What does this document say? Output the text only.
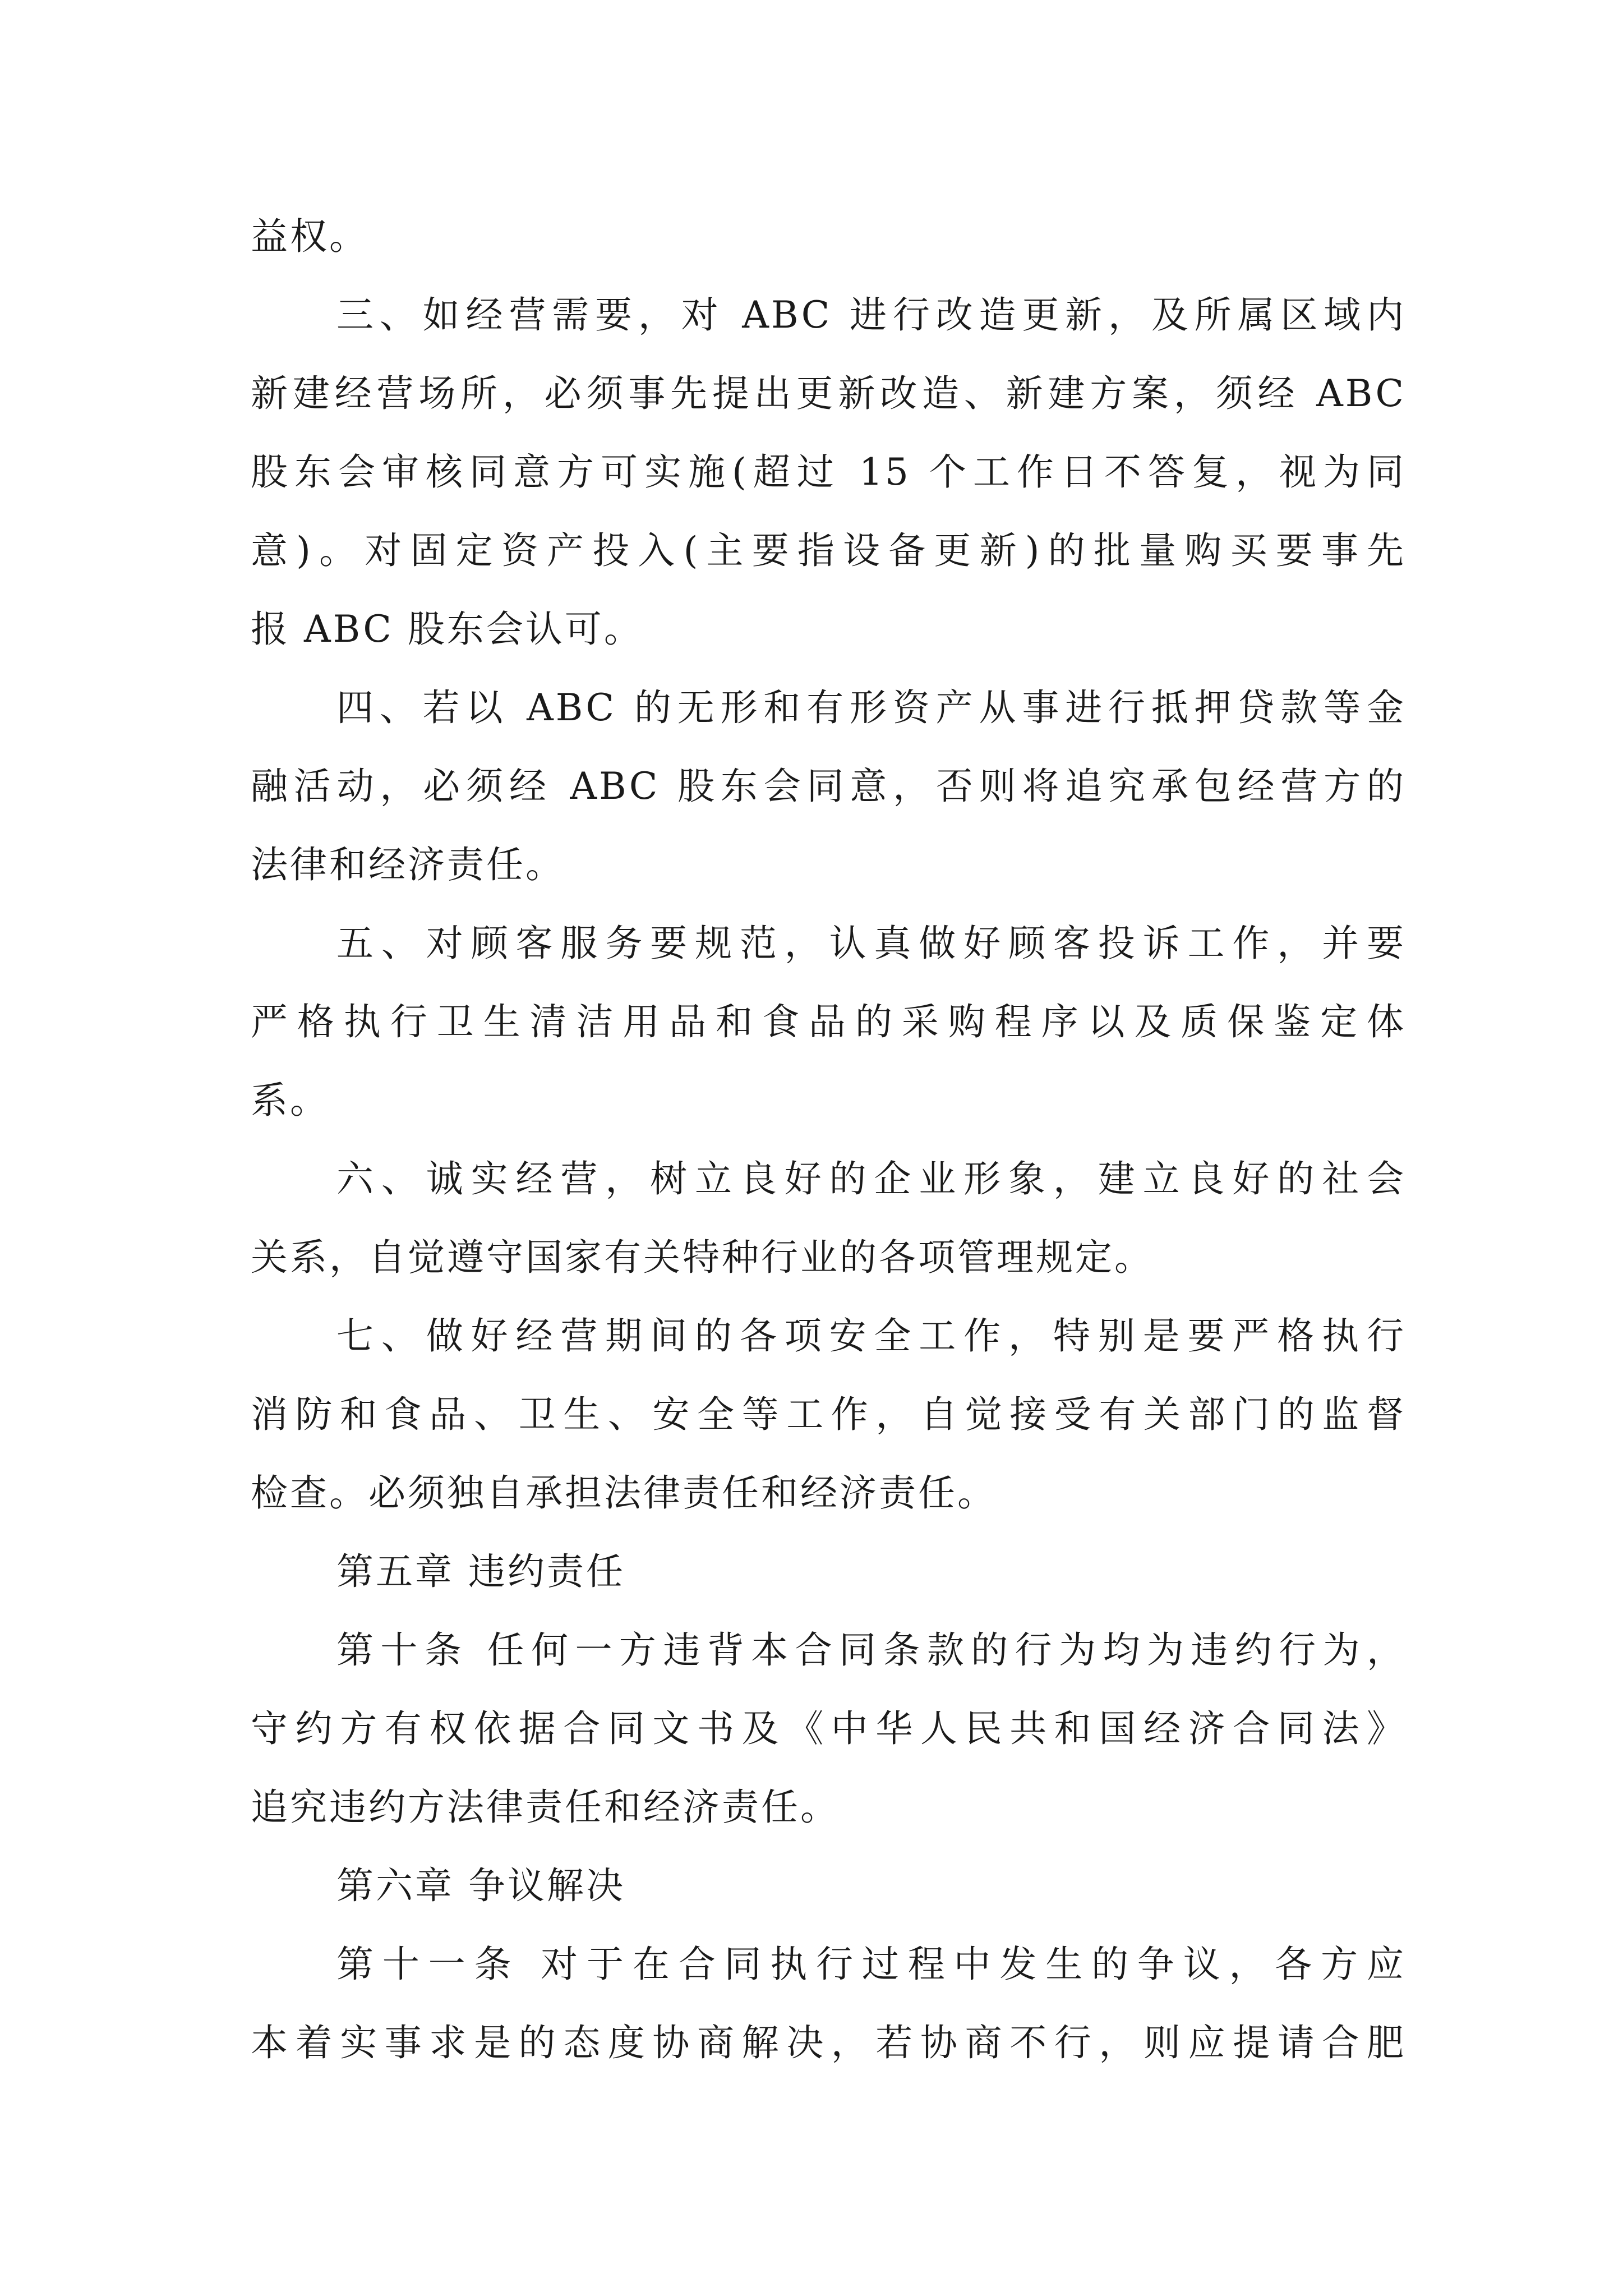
益权。
三、如经营需要，对 ABC 进行改造更新，及所属区域内
新建经营场所，必须事先提出更新改造、新建方案，须经 ABC
股东会审核同意方可实施(超过 15 个工作日不答复，视为同
意)。对固定资产投入(主要指设备更新)的批量购买要事先
报 ABC 股东会认可。
四、若以 ABC 的无形和有形资产从事进行抵押贷款等金
融活动，必须经 ABC 股东会同意，否则将追究承包经营方的
法律和经济责任。
五、对顾客服务要规范，认真做好顾客投诉工作，并要
严格执行卫生清洁用品和食品的采购程序以及质保鉴定体
系。
六、诚实经营，树立良好的企业形象，建立良好的社会
关系，自觉遵守国家有关特种行业的各项管理规定。
七、做好经营期间的各项安全工作，特别是要严格执行
消防和食品、卫生、安全等工作，自觉接受有关部门的监督
检查。必须独自承担法律责任和经济责任。
第五章 违约责任
第十条 任何一方违背本合同条款的行为均为违约行为，
守约方有权依据合同文书及《中华人民共和国经济合同法》
追究违约方法律责任和经济责任。
第六章 争议解决
第十一条 对于在合同执行过程中发生的争议，各方应
本着实事求是的态度协商解决，若协商不行，则应提请合肥
